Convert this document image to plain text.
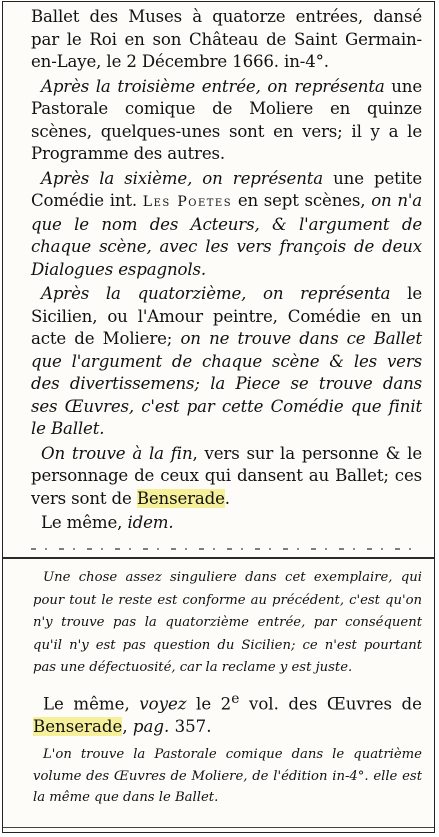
Ballet des Muses à quatorze entrées, dansé par le Roi en son Château de Saint Germain-en-Laye, le 2 Décembre 1666. in-4°.

Après la troisième entrée, on représenta une Pastorale comique de Moliere en quinze scènes, quelques-unes sont en vers; il y a le Programme des autres.

Après la sixième, on représenta une petite Comédie int. Les Poetes en sept scènes, on n'a que le nom des Acteurs, & l'argument de chaque scène, avec les vers françois de deux Dialogues espagnols.

Après la quatorzième, on représenta le Sicilien, ou l'Amour peintre, Comédie en un acte de Moliere; on ne trouve dans ce Ballet que l'argument de chaque scène & les vers des divertissemens; la Piece se trouve dans ses Œuvres, c'est par cette Comédie que finit le Ballet.

On trouve à la fin, vers sur la personne & le personnage de ceux qui dansent au Ballet; ces vers sont de Benserade.

Le même, idem.

Une chose assez singuliere dans cet exemplaire, qui pour tout le reste est conforme au précédent, c'est qu'on n'y trouve pas la quatorzième entrée, par conséquent qu'il n'y est pas question du Sicilien; ce n'est pourtant pas une défectuosité, car la reclame y est juste.

Le même, voyez le 2e vol. des Œuvres de Benserade, pag. 357.

L'on trouve la Pastorale comique dans le quatrième volume des Œuvres de Moliere, de l'édition in-4°. elle est la même que dans le Ballet.
